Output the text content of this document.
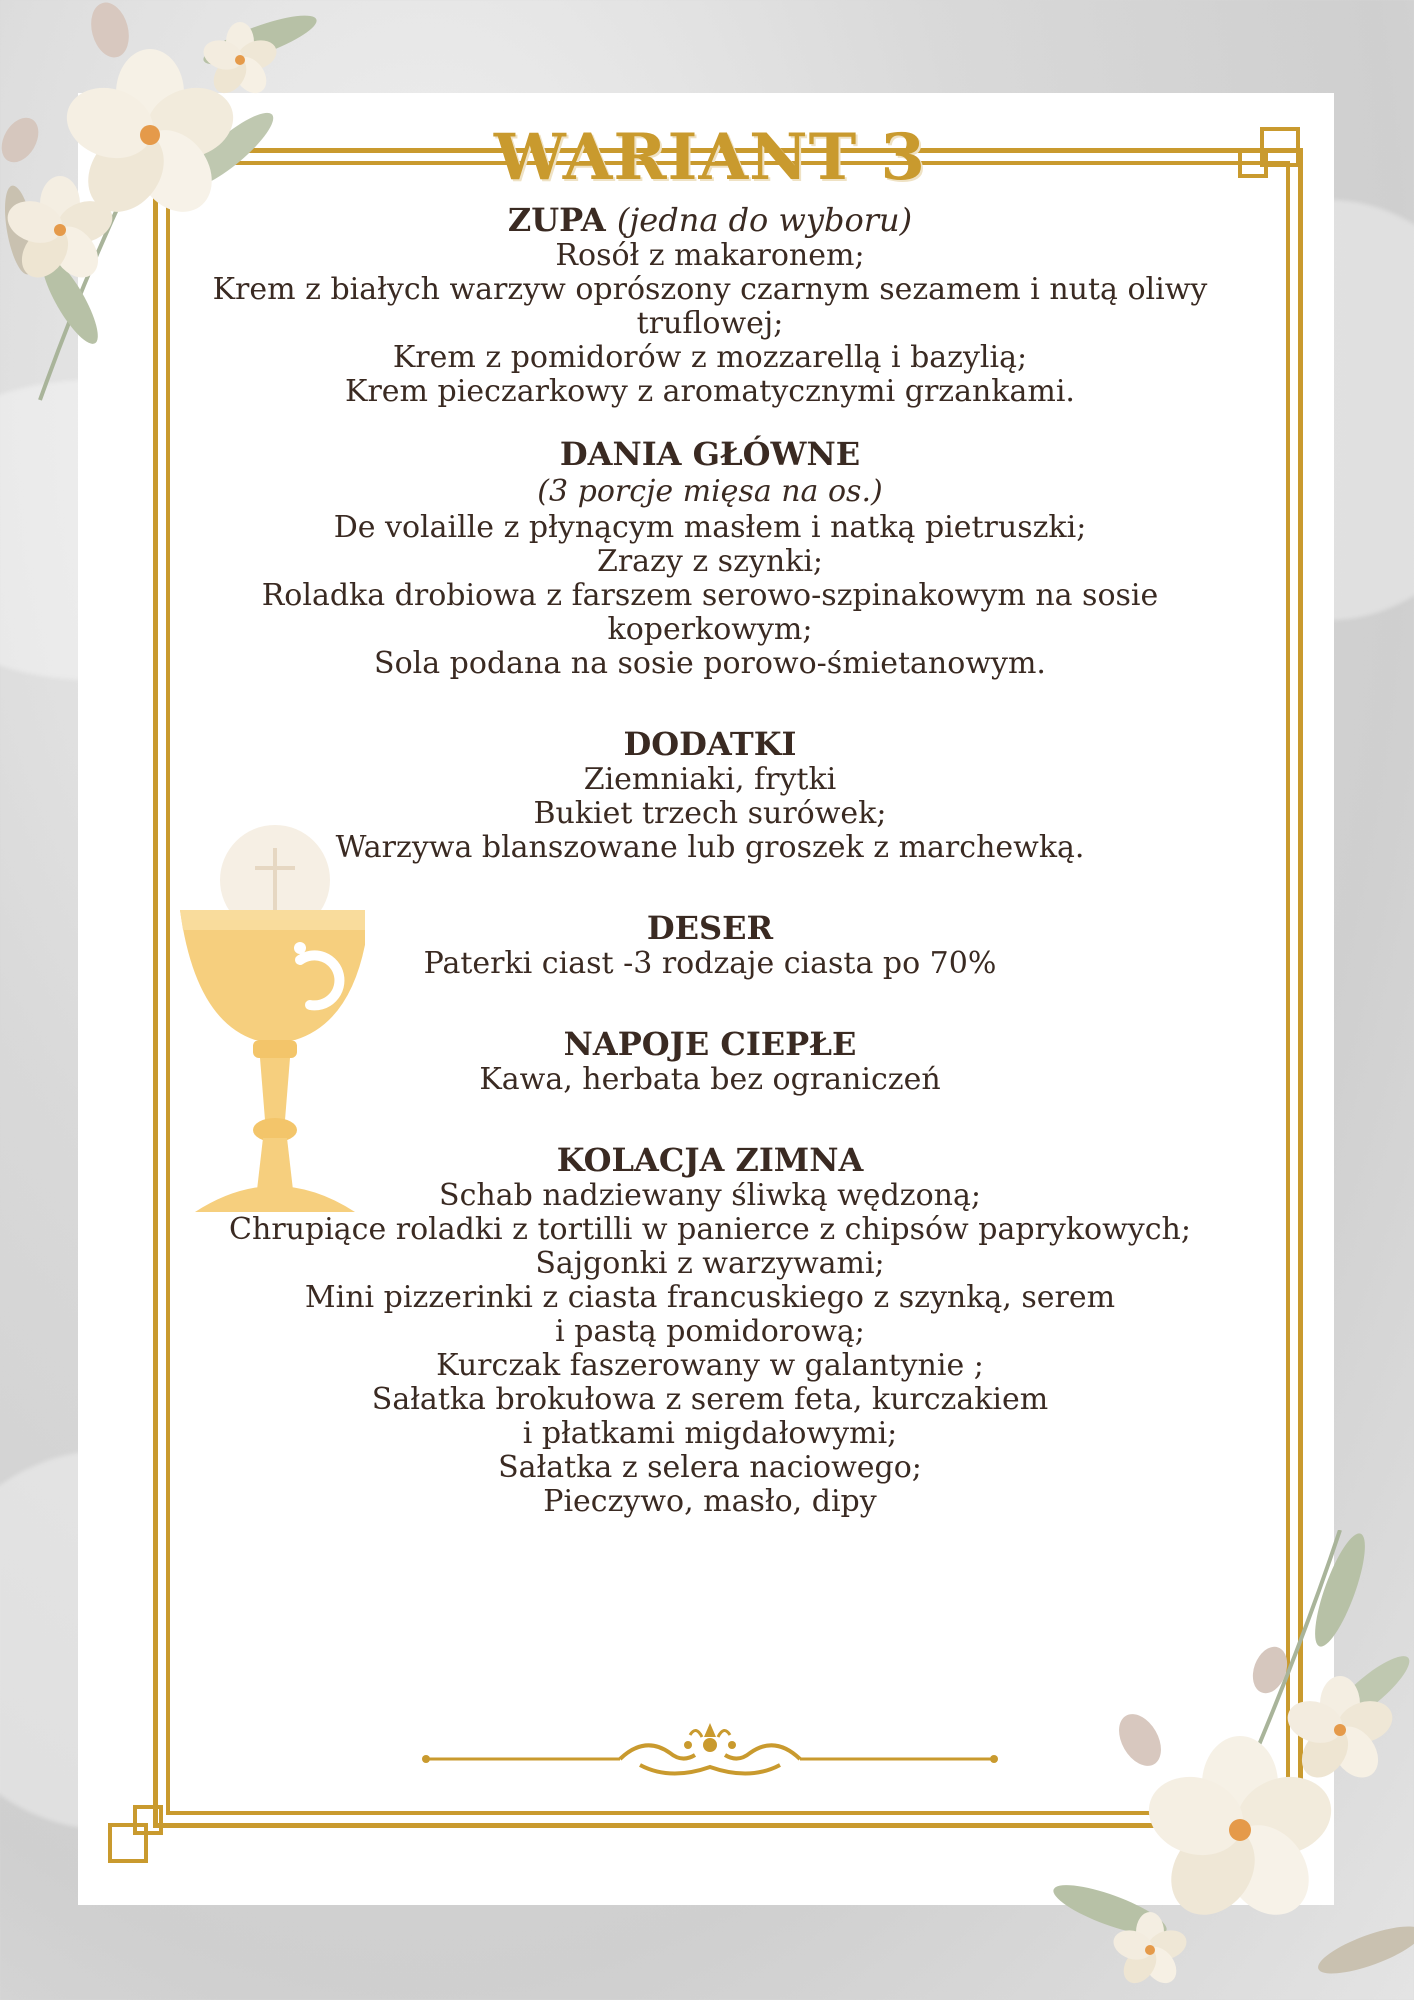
WARIANT 3

ZUPA (jedna do wyboru)

Rosół z makaronem;

Krem z białych warzyw oprószony czarnym sezamem i nutą oliwy

truflowej;

Krem z pomidorów z mozzarellą i bazylią;

Krem pieczarkowy z aromatycznymi grzankami.

DANIA GŁÓWNE

(3 porcje mięsa na os.)

De volaille z płynącym masłem i natką pietruszki;

Zrazy z szynki;

Roladka drobiowa z farszem serowo-szpinakowym na sosie

koperkowym;

Sola podana na sosie porowo-śmietanowym.

DODATKI

Ziemniaki, frytki

Bukiet trzech surówek;

Warzywa blanszowane lub groszek z marchewką.

DESER

Paterki ciast -3 rodzaje ciasta po 70%

NAPOJE CIEPŁE

Kawa, herbata bez ograniczeń

KOLACJA ZIMNA

Schab nadziewany śliwką wędzoną;

Chrupiące roladki z tortilli w panierce z chipsów paprykowych;

Sajgonki z warzywami;

Mini pizzerinki z ciasta francuskiego z szynką, serem

i pastą pomidorową;

Kurczak faszerowany w galantynie ;

Sałatka brokułowa z serem feta, kurczakiem

i płatkami migdałowymi;

Sałatka z selera naciowego;

Pieczywo, masło, dipy
